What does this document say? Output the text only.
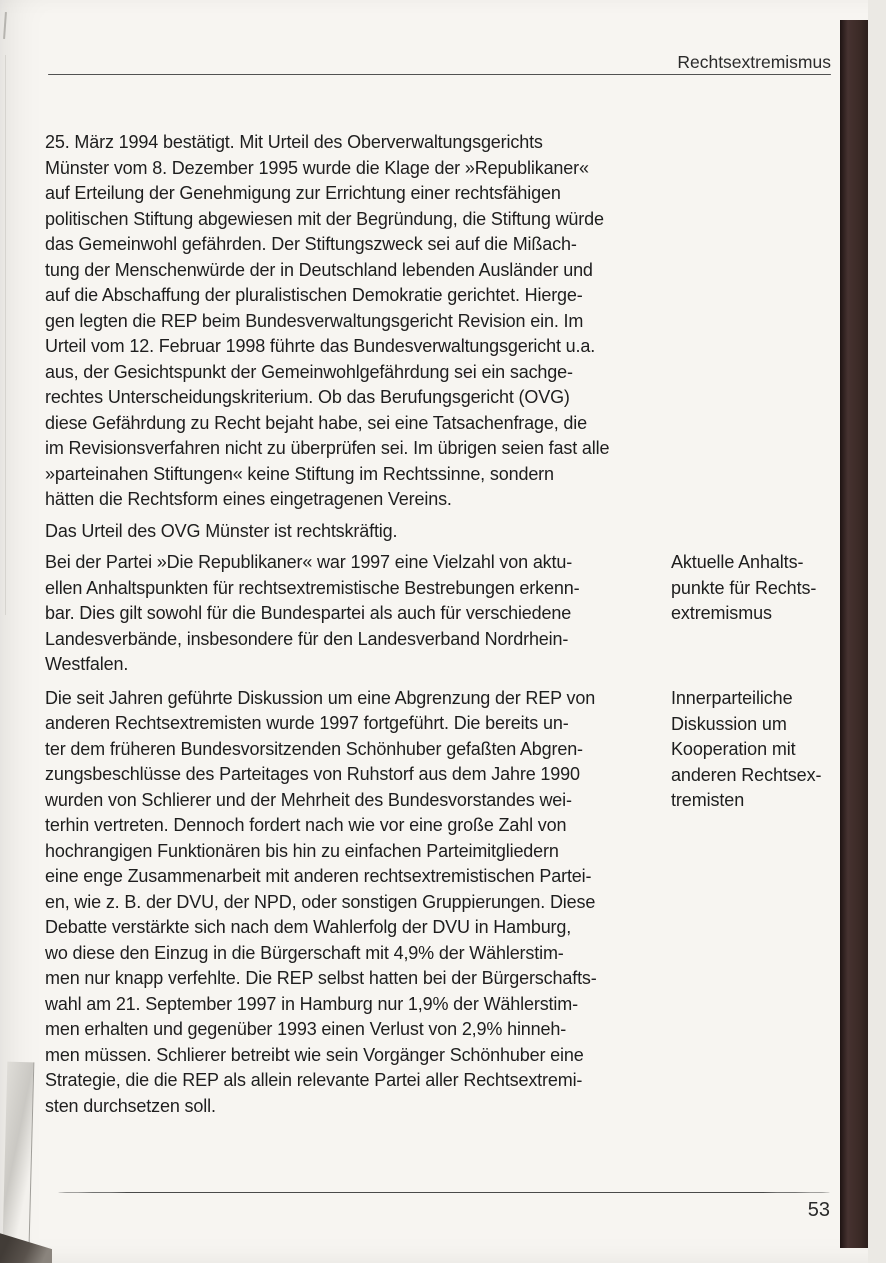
Rechtsextremismus
25. März 1994 bestätigt. Mit Urteil des Oberverwaltungsgerichts
Münster vom 8. Dezember 1995 wurde die Klage der »Republikaner«
auf Erteilung der Genehmigung zur Errichtung einer rechtsfähigen
politischen Stiftung abgewiesen mit der Begründung, die Stiftung würde
das Gemeinwohl gefährden. Der Stiftungszweck sei auf die Mißach-
tung der Menschenwürde der in Deutschland lebenden Ausländer und
auf die Abschaffung der pluralistischen Demokratie gerichtet. Hierge-
gen legten die REP beim Bundesverwaltungsgericht Revision ein. Im
Urteil vom 12. Februar 1998 führte das Bundesverwaltungsgericht u.a.
aus, der Gesichtspunkt der Gemeinwohlgefährdung sei ein sachge-
rechtes Unterscheidungskriterium. Ob das Berufungsgericht (OVG)
diese Gefährdung zu Recht bejaht habe, sei eine Tatsachenfrage, die
im Revisionsverfahren nicht zu überprüfen sei. Im übrigen seien fast alle
»parteinahen Stiftungen« keine Stiftung im Rechtssinne, sondern
hätten die Rechtsform eines eingetragenen Vereins.
Das Urteil des OVG Münster ist rechtskräftig.
Bei der Partei »Die Republikaner« war 1997 eine Vielzahl von aktu-
ellen Anhaltspunkten für rechtsextremistische Bestrebungen erkenn-
bar. Dies gilt sowohl für die Bundespartei als auch für verschiedene
Landesverbände, insbesondere für den Landesverband Nordrhein-
Westfalen.
Die seit Jahren geführte Diskussion um eine Abgrenzung der REP von
anderen Rechtsextremisten wurde 1997 fortgeführt. Die bereits un-
ter dem früheren Bundesvorsitzenden Schönhuber gefaßten Abgren-
zungsbeschlüsse des Parteitages von Ruhstorf aus dem Jahre 1990
wurden von Schlierer und der Mehrheit des Bundesvorstandes wei-
terhin vertreten. Dennoch fordert nach wie vor eine große Zahl von
hochrangigen Funktionären bis hin zu einfachen Parteimitgliedern
eine enge Zusammenarbeit mit anderen rechtsextremistischen Partei-
en, wie z. B. der DVU, der NPD, oder sonstigen Gruppierungen. Diese
Debatte verstärkte sich nach dem Wahlerfolg der DVU in Hamburg,
wo diese den Einzug in die Bürgerschaft mit 4,9% der Wählerstim-
men nur knapp verfehlte. Die REP selbst hatten bei der Bürgerschafts-
wahl am 21. September 1997 in Hamburg nur 1,9% der Wählerstim-
men erhalten und gegenüber 1993 einen Verlust von 2,9% hinneh-
men müssen. Schlierer betreibt wie sein Vorgänger Schönhuber eine
Strategie, die die REP als allein relevante Partei aller Rechtsextremi-
sten durchsetzen soll.
Aktuelle Anhalts-
punkte für Rechts-
extremismus
Innerparteiliche
Diskussion um
Kooperation mit
anderen Rechtsex-
tremisten
53
